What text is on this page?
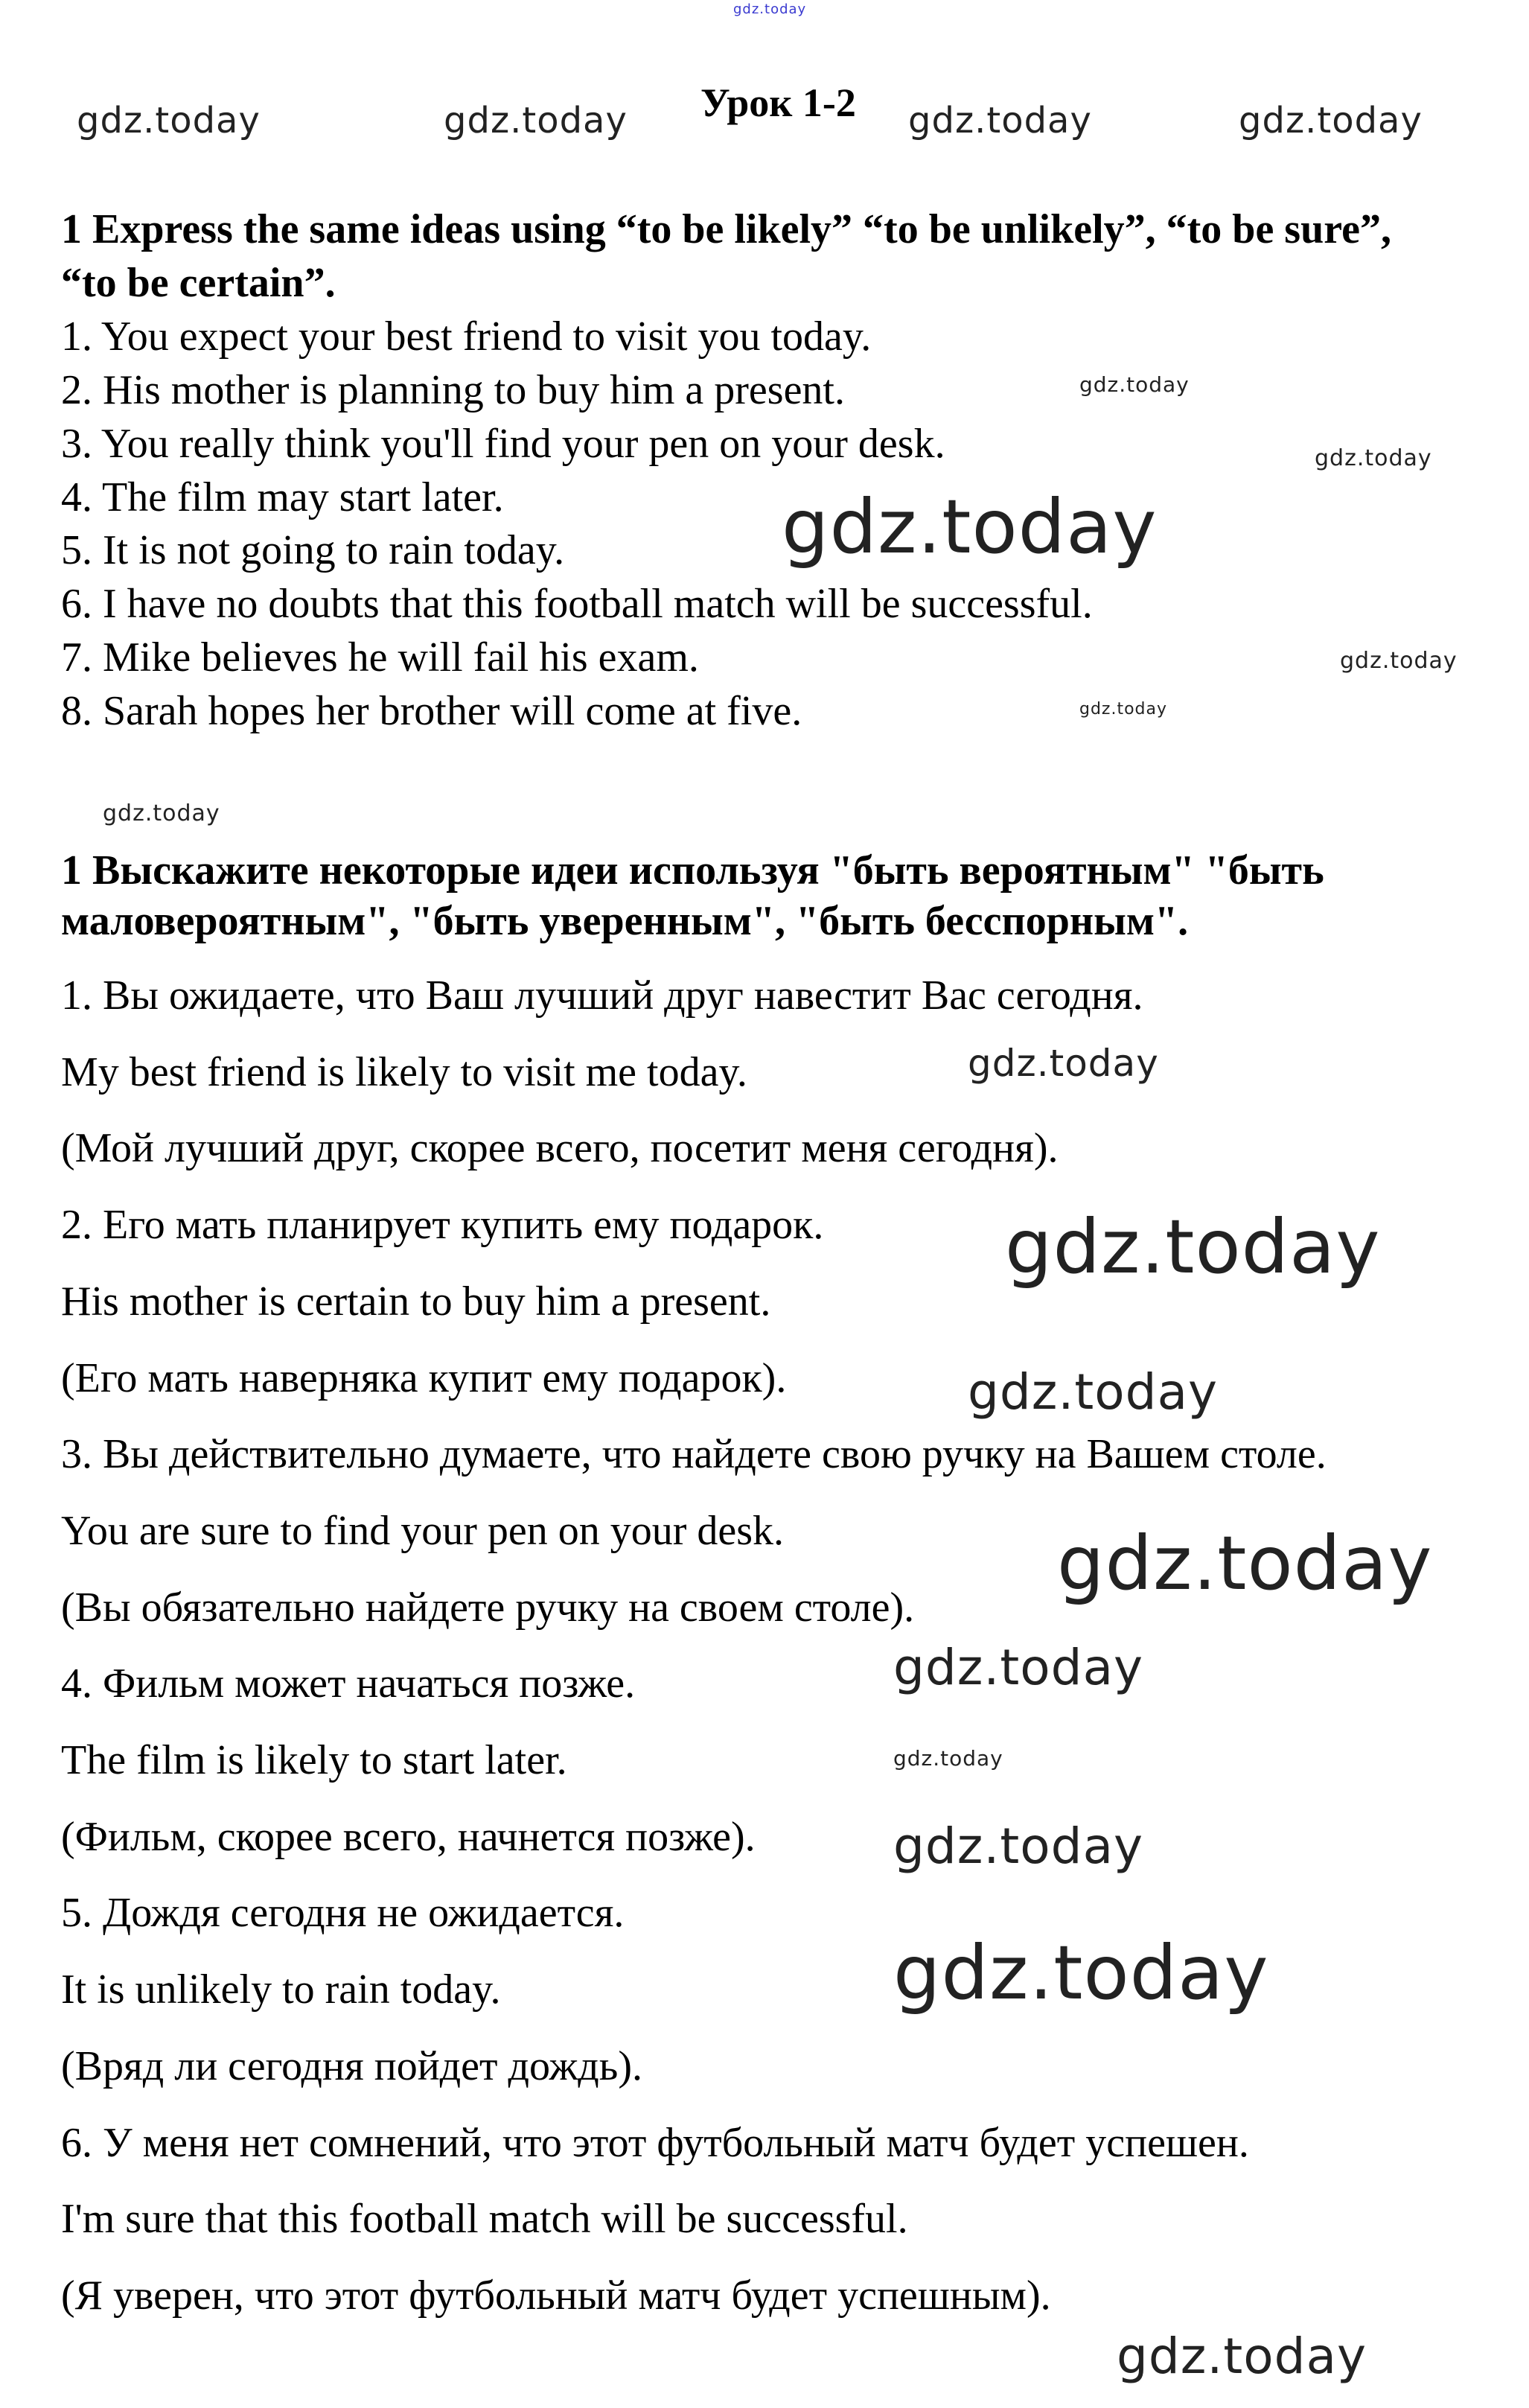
gdz.today
Урок 1-2
gdz.today	gdz.today	gdz.today	gdz.today
1 Express the same ideas using “to be likely” “to be unlikely”, “to be sure”,
“to be certain”.
1. You expect your best friend to visit you today.
2. His mother is planning to buy him a present.
3. You really think you'll find your pen on your desk.
4. The film may start later.
5. It is not going to rain today.
6. I have no doubts that this football match will be successful.
7. Mike believes he will fail his exam.
8. Sarah hopes her brother will come at five.
gdz.today
gdz.today
gdz.today
gdz.today
gdz.today
gdz.today
1 Выскажите некоторые идеи используя "быть вероятным" "быть
маловероятным", "быть уверенным", "быть бесспорным".
1. Вы ожидаете, что Ваш лучший друг навестит Вас сегодня.
My best friend is likely to visit me today.
(Мой лучший друг, скорее всего, посетит меня сегодня).
2. Его мать планирует купить ему подарок.
His mother is certain to buy him a present.
(Его мать наверняка купит ему подарок).
3. Вы действительно думаете, что найдете свою ручку на Вашем столе.
You are sure to find your pen on your desk.
(Вы обязательно найдете ручку на своем столе).
4. Фильм может начаться позже.
The film is likely to start later.
(Фильм, скорее всего, начнется позже).
5. Дождя сегодня не ожидается.
It is unlikely to rain today.
(Вряд ли сегодня пойдет дождь).
6. У меня нет сомнений, что этот футбольный матч будет успешен.
I'm sure that this football match will be successful.
(Я уверен, что этот футбольный матч будет успешным).
gdz.today
gdz.today
gdz.today
gdz.today
gdz.today
gdz.today
gdz.today
gdz.today
gdz.today
